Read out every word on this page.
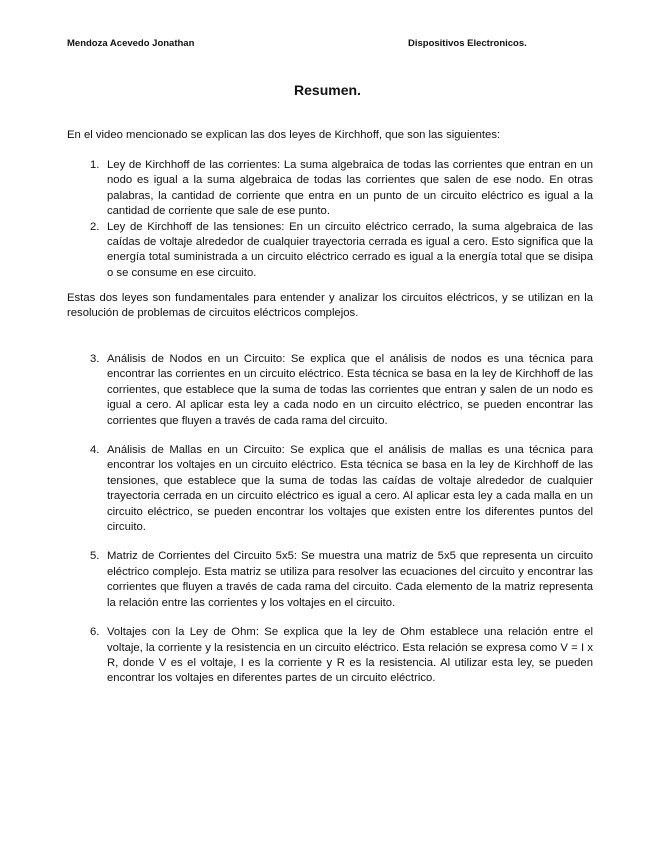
Mendoza Acevedo Jonathan	Dispositivos Electronicos.
Resumen.
En el video mencionado se explican las dos leyes de Kirchhoff, que son las siguientes:
1. Ley de Kirchhoff de las corrientes: La suma algebraica de todas las corrientes que entran en un nodo es igual a la suma algebraica de todas las corrientes que salen de ese nodo. En otras palabras, la cantidad de corriente que entra en un punto de un circuito eléctrico es igual a la cantidad de corriente que sale de ese punto.
2. Ley de Kirchhoff de las tensiones: En un circuito eléctrico cerrado, la suma algebraica de las caídas de voltaje alrededor de cualquier trayectoria cerrada es igual a cero. Esto significa que la energía total suministrada a un circuito eléctrico cerrado es igual a la energía total que se disipa o se consume en ese circuito.
Estas dos leyes son fundamentales para entender y analizar los circuitos eléctricos, y se utilizan en la resolución de problemas de circuitos eléctricos complejos.
3. Análisis de Nodos en un Circuito: Se explica que el análisis de nodos es una técnica para encontrar las corrientes en un circuito eléctrico. Esta técnica se basa en la ley de Kirchhoff de las corrientes, que establece que la suma de todas las corrientes que entran y salen de un nodo es igual a cero. Al aplicar esta ley a cada nodo en un circuito eléctrico, se pueden encontrar las corrientes que fluyen a través de cada rama del circuito.
4. Análisis de Mallas en un Circuito: Se explica que el análisis de mallas es una técnica para encontrar los voltajes en un circuito eléctrico. Esta técnica se basa en la ley de Kirchhoff de las tensiones, que establece que la suma de todas las caídas de voltaje alrededor de cualquier trayectoria cerrada en un circuito eléctrico es igual a cero. Al aplicar esta ley a cada malla en un circuito eléctrico, se pueden encontrar los voltajes que existen entre los diferentes puntos del circuito.
5. Matriz de Corrientes del Circuito 5x5: Se muestra una matriz de 5x5 que representa un circuito eléctrico complejo. Esta matriz se utiliza para resolver las ecuaciones del circuito y encontrar las corrientes que fluyen a través de cada rama del circuito. Cada elemento de la matriz representa la relación entre las corrientes y los voltajes en el circuito.
6. Voltajes con la Ley de Ohm: Se explica que la ley de Ohm establece una relación entre el voltaje, la corriente y la resistencia en un circuito eléctrico. Esta relación se expresa como V = I x R, donde V es el voltaje, I es la corriente y R es la resistencia. Al utilizar esta ley, se pueden encontrar los voltajes en diferentes partes de un circuito eléctrico.
